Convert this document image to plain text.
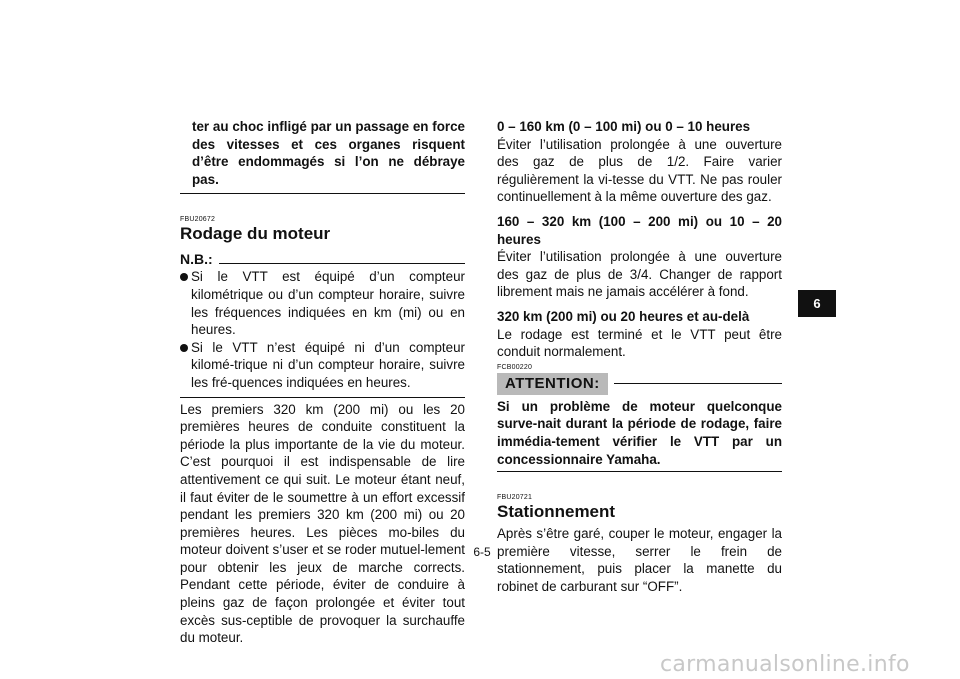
ter au choc infligé par un passage en force des vitesses et ces organes risquent d’être endommagés si l’on ne débraye pas.

FBU20672
Rodage du moteur
N.B.:
Si le VTT est équipé d’un compteur kilométrique ou d’un compteur horaire, suivre les fréquences indiquées en km (mi) ou en heures.
Si le VTT n’est équipé ni d’un compteur kilomé-trique ni d’un compteur horaire, suivre les fré-quences indiquées en heures.

Les premiers 320 km (200 mi) ou les 20 premières heures de conduite constituent la période la plus importante de la vie du moteur. C’est pourquoi il est indispensable de lire attentivement ce qui suit. Le moteur étant neuf, il faut éviter de le soumettre à un effort excessif pendant les premiers 320 km (200 mi) ou 20 premières heures. Les pièces mo-biles du moteur doivent s’user et se roder mutuel-lement pour obtenir les jeux de marche corrects. Pendant cette période, éviter de conduire à pleins gaz de façon prolongée et éviter tout excès sus-ceptible de provoquer la surchauffe du moteur.

0 – 160 km (0 – 100 mi) ou 0 – 10 heures

Éviter l’utilisation prolongée à une ouverture des gaz de plus de 1/2. Faire varier régulièrement la vi-tesse du VTT. Ne pas rouler continuellement à la même ouverture des gaz.

160 – 320 km (100 – 200 mi) ou 10 – 20 heures

Éviter l’utilisation prolongée à une ouverture des gaz de plus de 3/4. Changer de rapport librement mais ne jamais accélérer à fond.

320 km (200 mi) ou 20 heures et au-delà

Le rodage est terminé et le VTT peut être conduit normalement.

FCB00220
ATTENTION:

Si un problème de moteur quelconque surve-nait durant la période de rodage, faire immédia-tement vérifier le VTT par un concessionnaire Yamaha.

FBU20721
Stationnement

Après s’être garé, couper le moteur, engager la première vitesse, serrer le frein de stationnement, puis placer la manette du robinet de carburant sur “OFF”.

6
6-5
carmanualsonline.info
